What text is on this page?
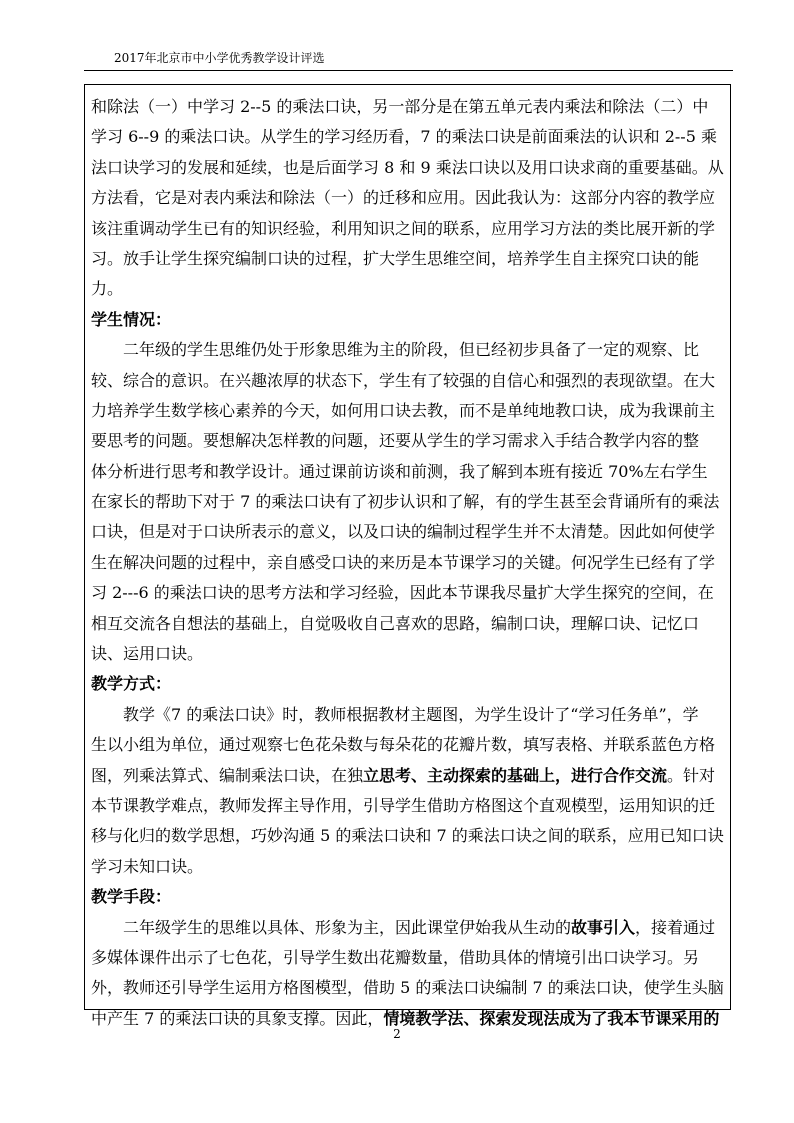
2017年北京市中小学优秀教学设计评选
和除法（一）中学习 2--5 的乘法口诀，另一部分是在第五单元表内乘法和除法（二）中
学习 6--9 的乘法口诀。从学生的学习经历看，7 的乘法口诀是前面乘法的认识和 2--5 乘
法口诀学习的发展和延续，也是后面学习 8 和 9 乘法口诀以及用口诀求商的重要基础。从
方法看，它是对表内乘法和除法（一）的迁移和应用。因此我认为：这部分内容的教学应
该注重调动学生已有的知识经验，利用知识之间的联系，应用学习方法的类比展开新的学
习。放手让学生探究编制口诀的过程，扩大学生思维空间，培养学生自主探究口诀的能
力。
学生情况：
二年级的学生思维仍处于形象思维为主的阶段，但已经初步具备了一定的观察、比
较、综合的意识。在兴趣浓厚的状态下，学生有了较强的自信心和强烈的表现欲望。在大
力培养学生数学核心素养的今天，如何用口诀去教，而不是单纯地教口诀，成为我课前主
要思考的问题。要想解决怎样教的问题，还要从学生的学习需求入手结合教学内容的整
体分析进行思考和教学设计。通过课前访谈和前测，我了解到本班有接近 70%左右学生
在家长的帮助下对于 7 的乘法口诀有了初步认识和了解，有的学生甚至会背诵所有的乘法
口诀，但是对于口诀所表示的意义，以及口诀的编制过程学生并不太清楚。因此如何使学
生在解决问题的过程中，亲自感受口诀的来历是本节课学习的关键。何况学生已经有了学
习 2---6 的乘法口诀的思考方法和学习经验，因此本节课我尽量扩大学生探究的空间，在
相互交流各自想法的基础上，自觉吸收自己喜欢的思路，编制口诀，理解口诀、记忆口
诀、运用口诀。
教学方式：
教学《7 的乘法口诀》时，教师根据教材主题图，为学生设计了“学习任务单”，学
生以小组为单位，通过观察七色花朵数与每朵花的花瓣片数，填写表格、并联系蓝色方格
图，列乘法算式、编制乘法口诀，在独立思考、主动探索的基础上，进行合作交流。针对
本节课教学难点，教师发挥主导作用，引导学生借助方格图这个直观模型，运用知识的迁
移与化归的数学思想，巧妙沟通 5 的乘法口诀和 7 的乘法口诀之间的联系，应用已知口诀
学习未知口诀。
教学手段：
二年级学生的思维以具体、形象为主，因此课堂伊始我从生动的故事引入，接着通过
多媒体课件出示了七色花，引导学生数出花瓣数量，借助具体的情境引出口诀学习。另
外，教师还引导学生运用方格图模型，借助 5 的乘法口诀编制 7 的乘法口诀，使学生头脑
中产生 7 的乘法口诀的具象支撑。因此，情境教学法、探索发现法成为了我本节课采用的
2
